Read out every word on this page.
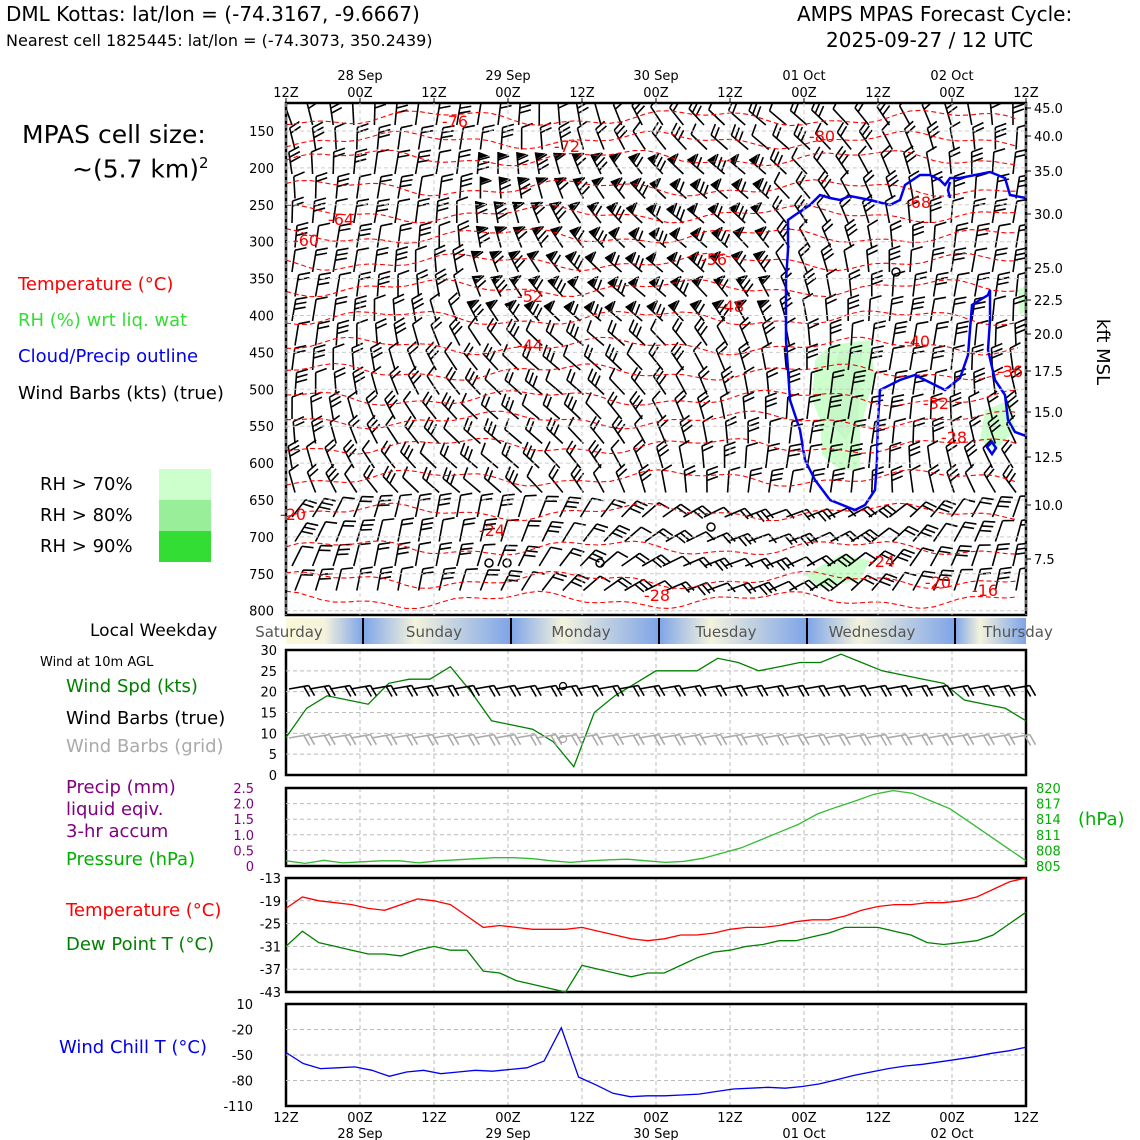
12Z	00Z	12Z	00Z	12Z	00Z	12Z	00Z	12Z	00Z	12Z
28 Sep	29 Sep	30 Sep	01 Oct	02 Oct
150
200
250
300
350
400
450
500
550
600
650
700
750
800
45.0
40.0
35.0
30.0
25.0
22.5
20.0
17.5
15.0
12.5
10.0
7.5
kft MSL
-76
-72
-80
-68
-64
-60
-56
-52
-48
-44	-40
-36
-32
-28
-24
-24
-20
-20 -16
-28
Saturday	Sunday	Monday	Tuesday	Wednesday	Thursday
30
25
20
15
10
5
0
2.5
2.0
1.5
1.0
0.5
0
820
817
814
811
808
805
-13
-19
-25
-31
-37
-43
10
-20
-50
-80
-110
12Z	00Z	12Z	00Z	12Z	00Z	12Z	00Z	12Z	00Z	12Z
28 Sep	29 Sep	30 Sep	01 Oct	02 Oct
DML Kottas: lat/lon = (-74.3167, -9.6667)
Nearest cell 1825445: lat/lon = (-74.3073, 350.2439)
AMPS MPAS Forecast Cycle:
2025-09-27 / 12 UTC
MPAS cell size:
~(5.7 km)$^2$
Temperature (°C)
RH (%) wrt liq. wat
Cloud/Precip outline
Wind Barbs (kts) (true)
RH > 70%
RH > 80%
RH > 90%
Local Weekday
Wind at 10m AGL
Wind Spd (kts)
Wind Barbs (true)
Wind Barbs (grid)
Precip (mm)
liquid eqiv.
3-hr accum
Pressure (hPa)
(hPa)
Temperature (°C)
Dew Point T (°C)
Wind Chill T (°C)
